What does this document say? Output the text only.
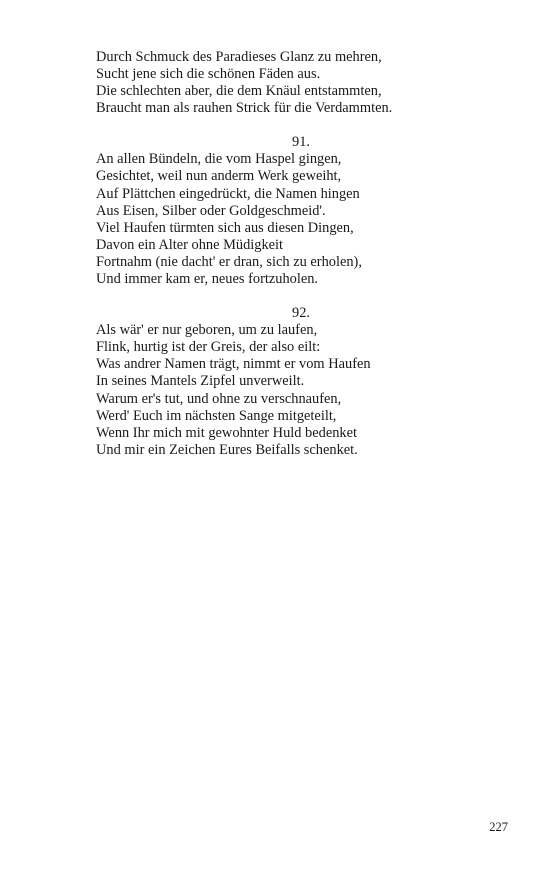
Durch Schmuck des Paradieses Glanz zu mehren,
Sucht jene sich die schönen Fäden aus.
Die schlechten aber, die dem Knäul entstammten,
Braucht man als rauhen Strick für die Verdammten.
91.
An allen Bündeln, die vom Haspel gingen,
Gesichtet, weil nun anderm Werk geweiht,
Auf Plättchen eingedrückt, die Namen hingen
Aus Eisen, Silber oder Goldgeschmeid'.
Viel Haufen türmten sich aus diesen Dingen,
Davon ein Alter ohne Müdigkeit
Fortnahm (nie dacht' er dran, sich zu erholen),
Und immer kam er, neues fortzuholen.
92.
Als wär' er nur geboren, um zu laufen,
Flink, hurtig ist der Greis, der also eilt:
Was andrer Namen trägt, nimmt er vom Haufen
In seines Mantels Zipfel unverweilt.
Warum er's tut, und ohne zu verschnaufen,
Werd' Euch im nächsten Sange mitgeteilt,
Wenn Ihr mich mit gewohnter Huld bedenket
Und mir ein Zeichen Eures Beifalls schenket.
227
